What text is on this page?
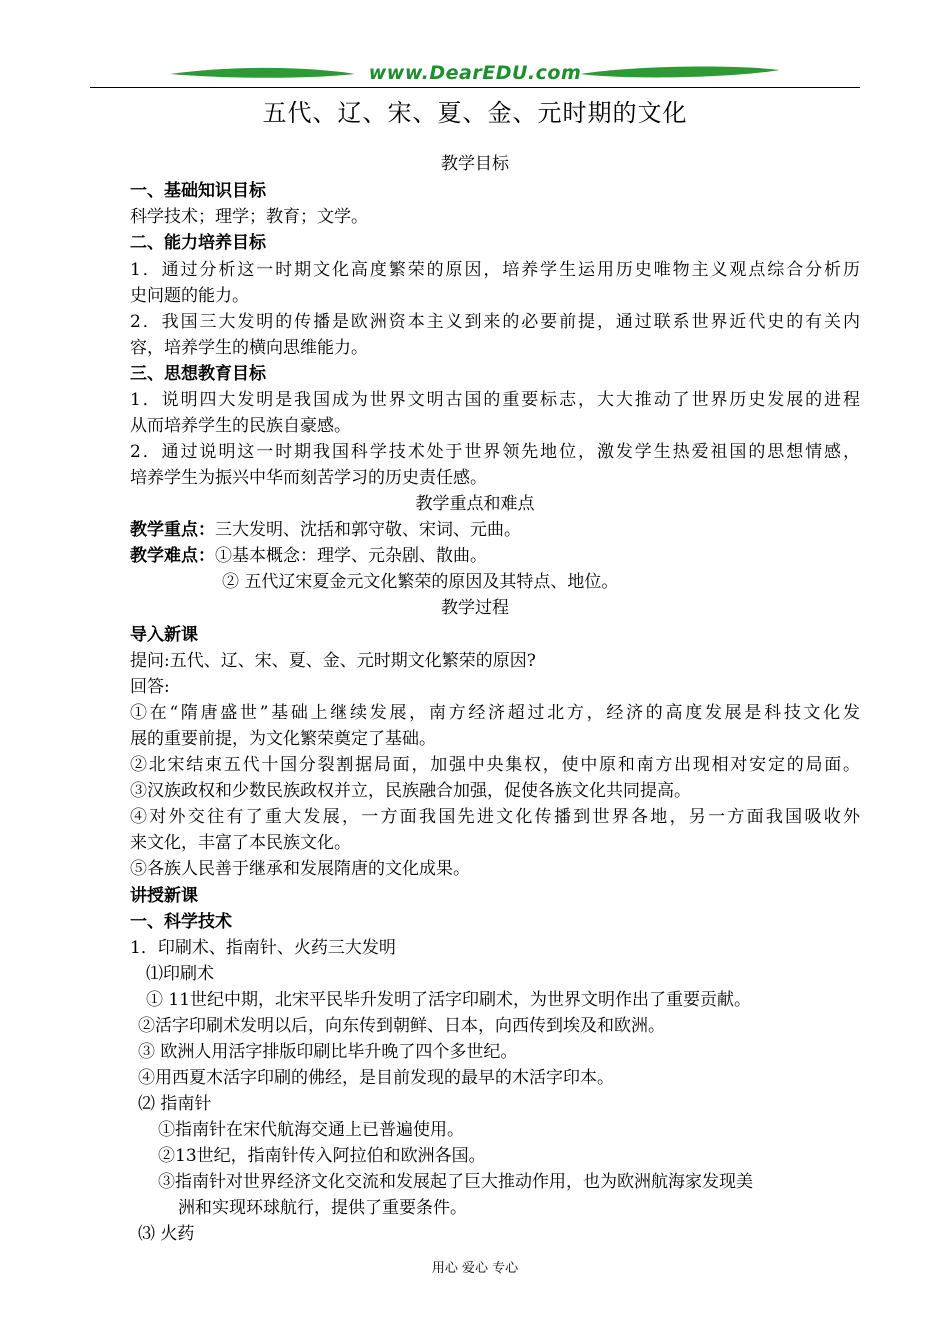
www.DearEDU.com
五代、辽、宋、夏、金、元时期的文化
教学目标
一、基础知识目标
科学技术；理学；教育；文学。
二、能力培养目标
1．通过分析这一时期文化高度繁荣的原因，培养学生运用历史唯物主义观点综合分析历
史问题的能力。
2．我国三大发明的传播是欧洲资本主义到来的必要前提，通过联系世界近代史的有关内
容，培养学生的横向思维能力。
三、思想教育目标
1．说明四大发明是我国成为世界文明古国的重要标志，大大推动了世界历史发展的进程
从而培养学生的民族自豪感。
2．通过说明这一时期我国科学技术处于世界领先地位，激发学生热爱祖国的思想情感，
培养学生为振兴中华而刻苦学习的历史责任感。
教学重点和难点
教学重点：三大发明、沈括和郭守敬、宋词、元曲。
教学难点：①基本概念：理学、元杂剧、散曲。
② 五代辽宋夏金元文化繁荣的原因及其特点、地位。
教学过程
导入新课
提问:五代、辽、宋、夏、金、元时期文化繁荣的原因?
回答:
①在“隋唐盛世”基础上继续发展，南方经济超过北方，经济的高度发展是科技文化发
展的重要前提，为文化繁荣奠定了基础。
②北宋结束五代十国分裂割据局面，加强中央集权，使中原和南方出现相对安定的局面。
③汉族政权和少数民族政权并立，民族融合加强，促使各族文化共同提高。
④对外交往有了重大发展，一方面我国先进文化传播到世界各地，另一方面我国吸收外
来文化，丰富了本民族文化。
⑤各族人民善于继承和发展隋唐的文化成果。
讲授新课
一、科学技术
1．印刷术、指南针、火药三大发明
⑴印刷术
① 11世纪中期，北宋平民毕升发明了活字印刷术，为世界文明作出了重要贡献。
②活字印刷术发明以后，向东传到朝鲜、日本，向西传到埃及和欧洲。
③ 欧洲人用活字排版印刷比毕升晚了四个多世纪。
④用西夏木活字印刷的佛经，是目前发现的最早的木活字印本。
⑵ 指南针
①指南针在宋代航海交通上已普遍使用。
②13世纪，指南针传入阿拉伯和欧洲各国。
③指南针对世界经济文化交流和发展起了巨大推动作用，也为欧洲航海家发现美
洲和实现环球航行，提供了重要条件。
⑶ 火药
用心 爱心 专心
